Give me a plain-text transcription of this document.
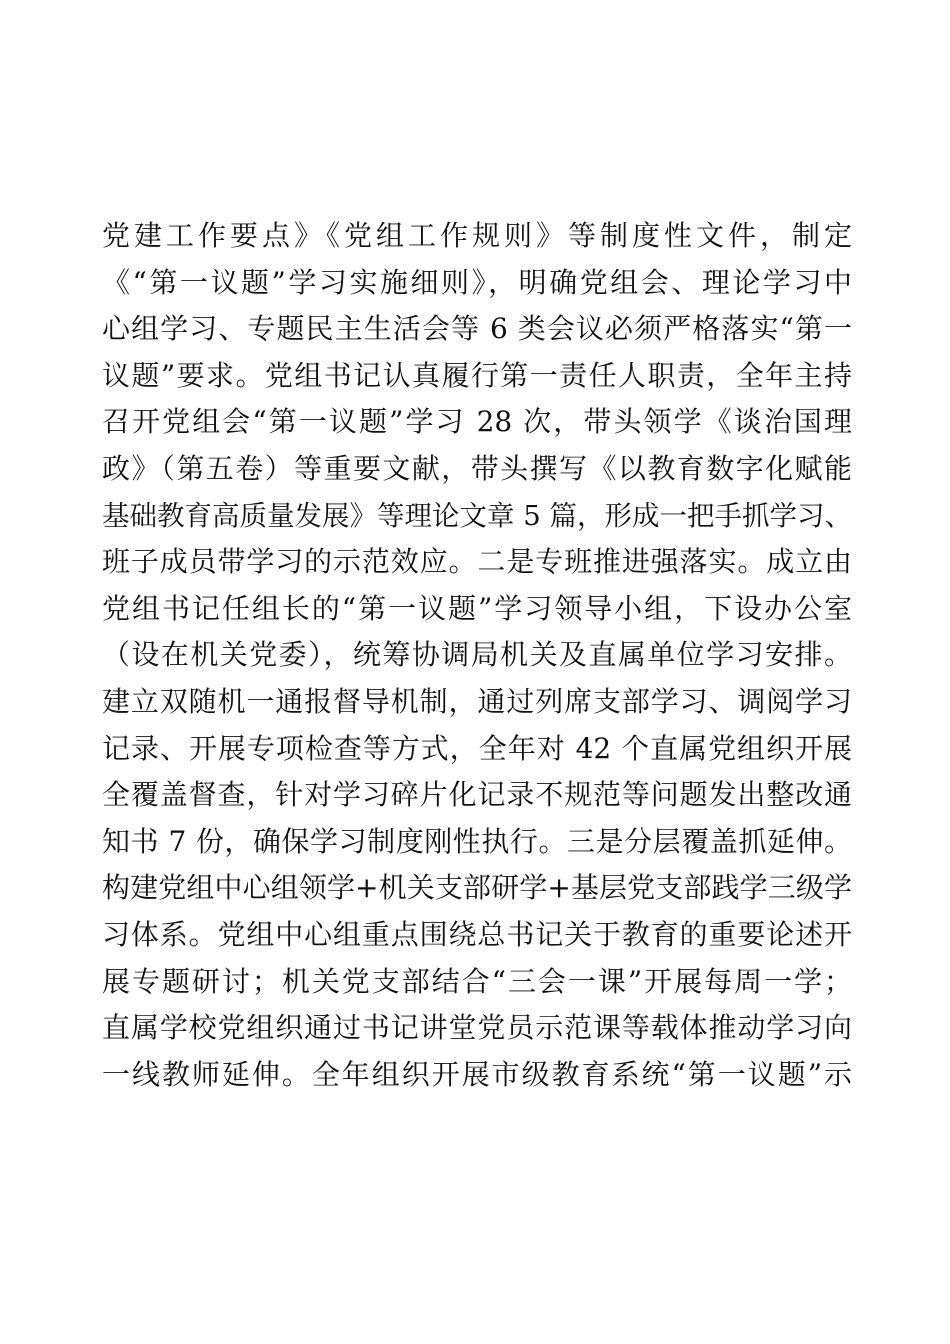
党建工作要点》《党组工作规则》等制度性文件，制定
《“第一议题”学习实施细则》，明确党组会、理论学习中
心组学习、专题民主生活会等 6 类会议必须严格落实“第一
议题”要求。党组书记认真履行第一责任人职责，全年主持
召开党组会“第一议题”学习 28 次，带头领学《谈治国理
政》（第五卷）等重要文献，带头撰写《以教育数字化赋能
基础教育高质量发展》等理论文章 5 篇，形成一把手抓学习、
班子成员带学习的示范效应。二是专班推进强落实。成立由
党组书记任组长的“第一议题”学习领导小组，下设办公室
（设在机关党委），统筹协调局机关及直属单位学习安排。
建立双随机一通报督导机制，通过列席支部学习、调阅学习
记录、开展专项检查等方式，全年对 42 个直属党组织开展
全覆盖督查，针对学习碎片化记录不规范等问题发出整改通
知书 7 份，确保学习制度刚性执行。三是分层覆盖抓延伸。
构建党组中心组领学+机关支部研学+基层党支部践学三级学
习体系。党组中心组重点围绕总书记关于教育的重要论述开
展专题研讨；机关党支部结合“三会一课”开展每周一学；
直属学校党组织通过书记讲堂党员示范课等载体推动学习向
一线教师延伸。全年组织开展市级教育系统“第一议题”示
